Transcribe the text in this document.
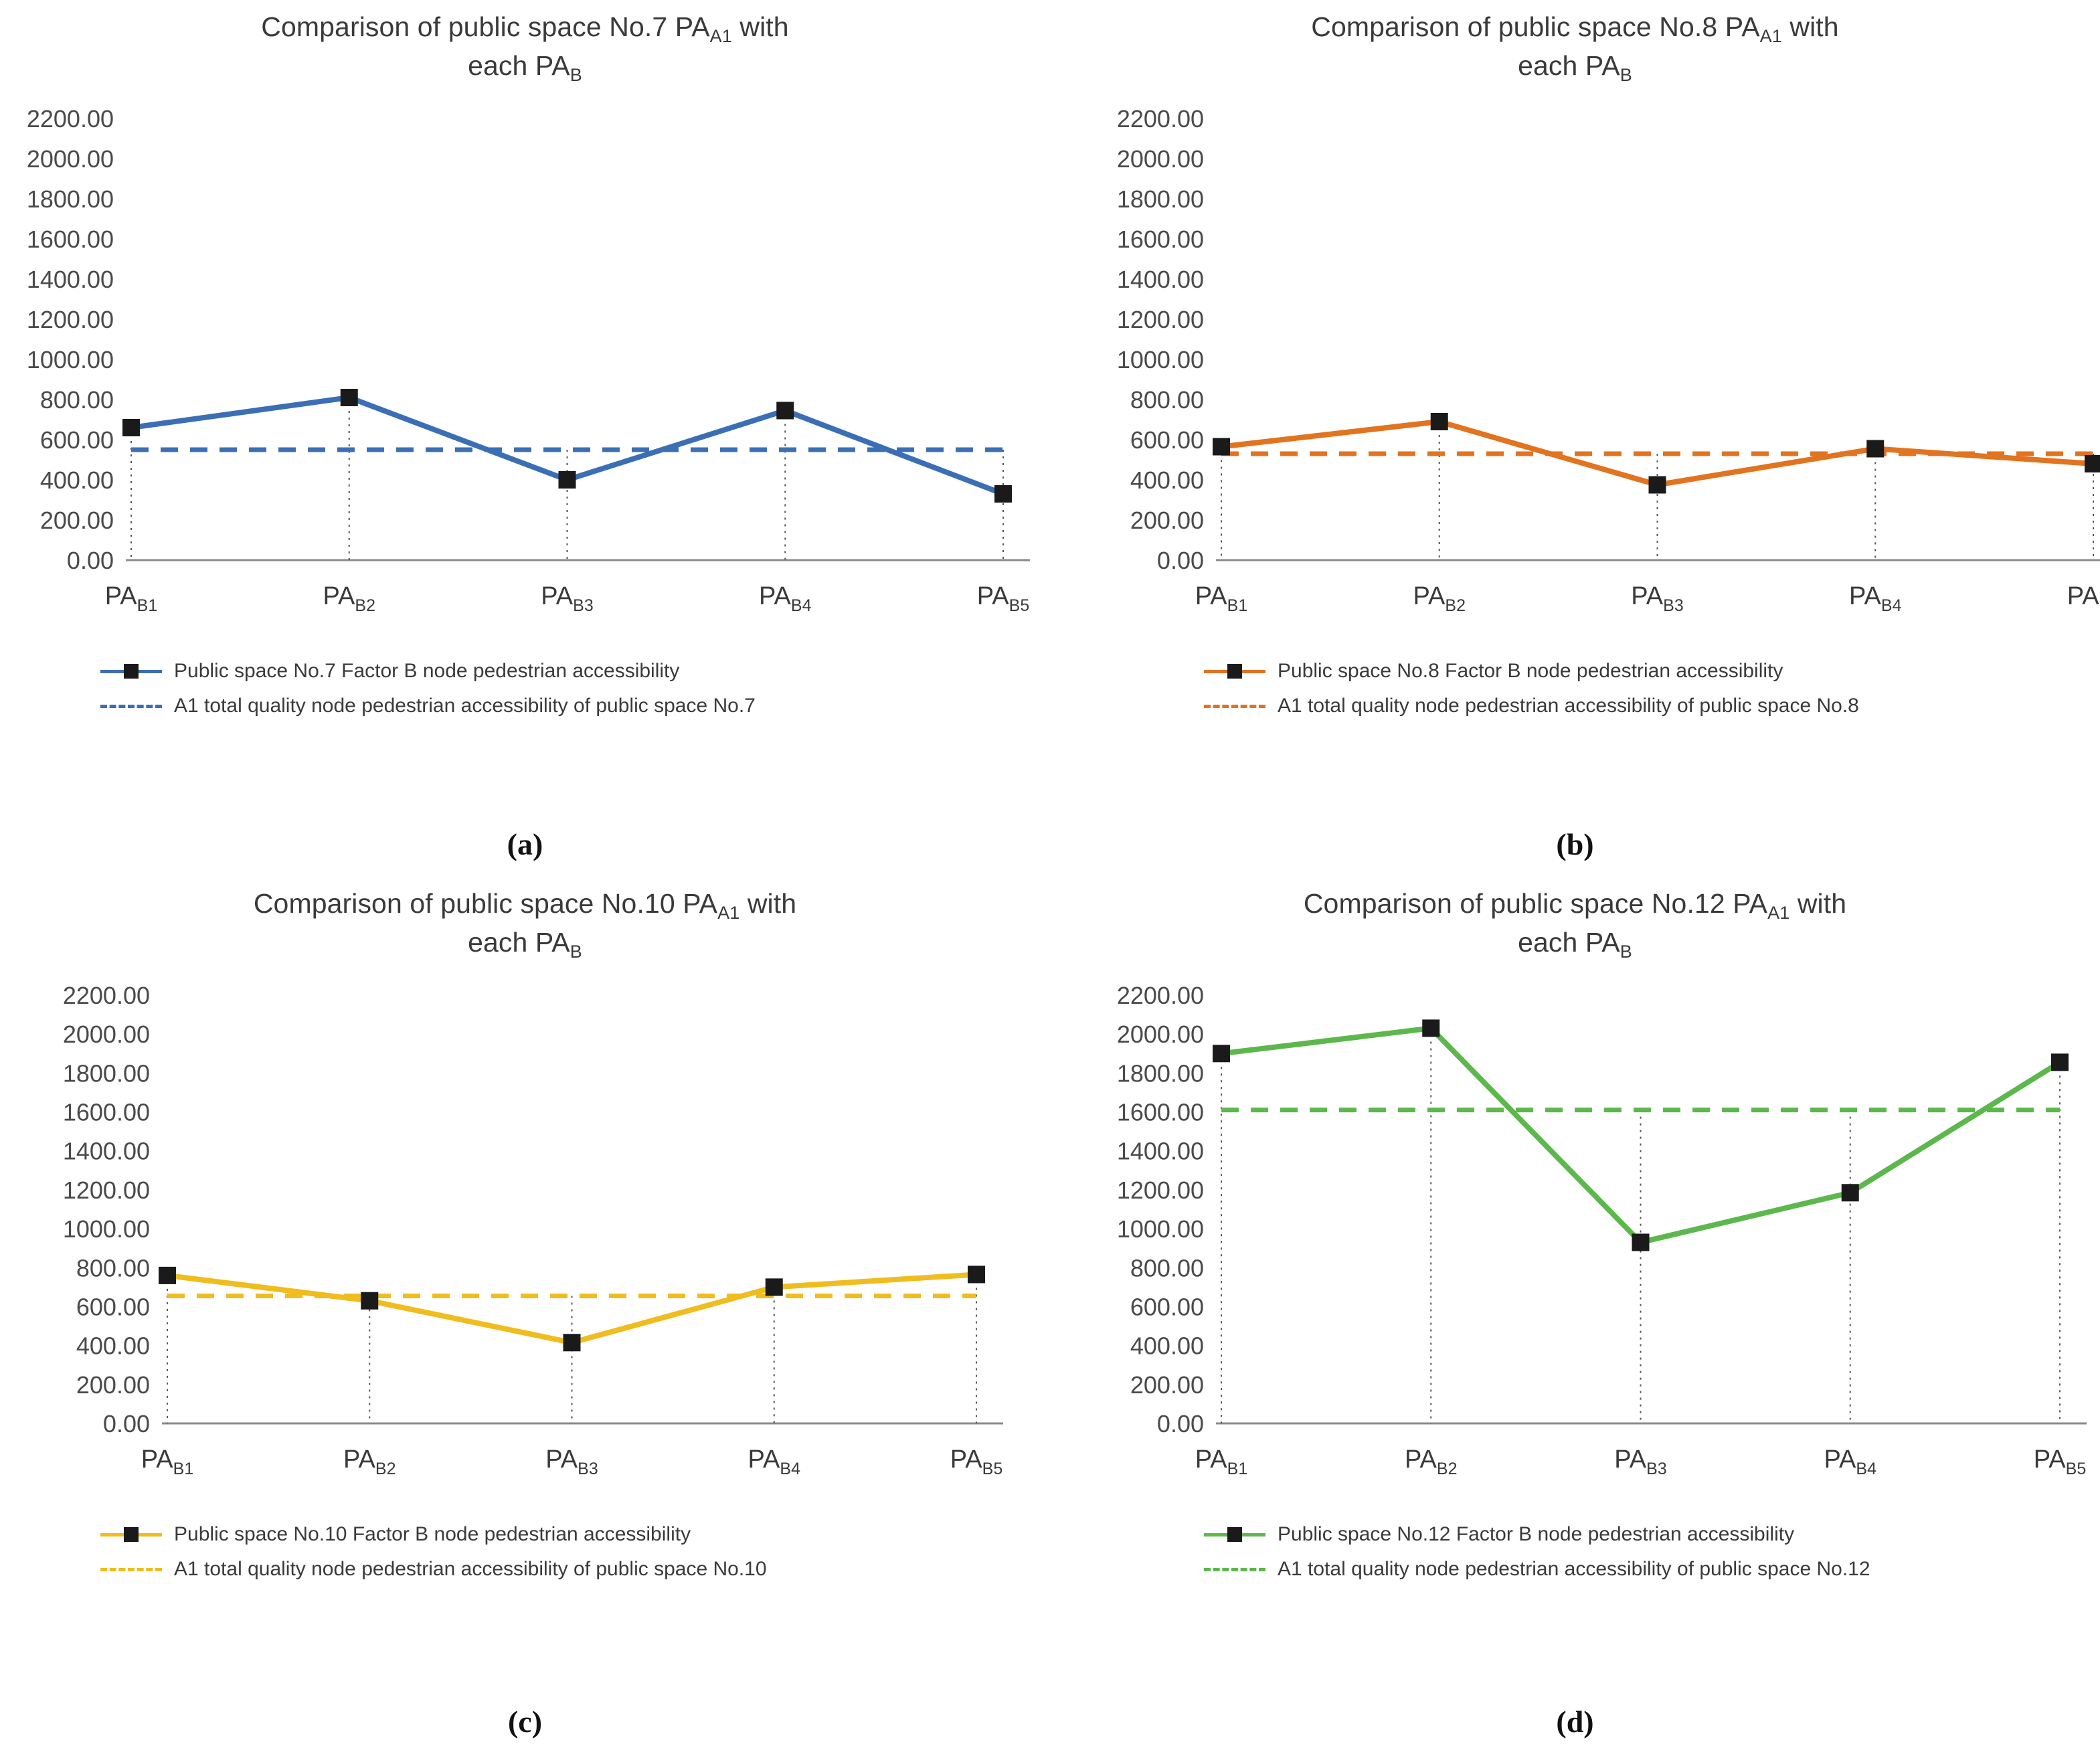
Comparison of public space No.7 $PA_{A1}$ with
each $PA_B$
0.00
200.00
400.00
600.00
800.00
1000.00
1200.00
1400.00
1600.00
1800.00
2000.00
2200.00
$PA_{B1}$	$PA_{B2}$	$PA_{B3}$	$PA_{B4}$	$PA_{B5}$
Public space No.7 Factor B node pedestrian accessibility
A1 total quality node pedestrian accessibility of public space No.7
(a)
Comparison of public space No.8 $PA_{A1}$ with
each $PA_B$
0.00
200.00
400.00
600.00
800.00
1000.00
1200.00
1400.00
1600.00
1800.00
2000.00
2200.00
$PA_{B1}$	$PA_{B2}$	$PA_{B3}$	$PA_{B4}$	PA
Public space No.8 Factor B node pedestrian accessibility
A1 total quality node pedestrian accessibility of public space No.8
(b)
Comparison of public space No.10 $PA_{A1}$ with
each $PA_B$
0.00
200.00
400.00
600.00
800.00
1000.00
1200.00
1400.00
1600.00
1800.00
2000.00
2200.00
$PA_{B1}$	$PA_{B2}$	$PA_{B3}$	$PA_{B4}$	$PA_{B5}$
Public space No.10 Factor B node pedestrian accessibility
A1 total quality node pedestrian accessibility of public space No.10
(c)
Comparison of public space No.12 $PA_{A1}$ with
each $PA_B$
0.00
200.00
400.00
600.00
800.00
1000.00
1200.00
1400.00
1600.00
1800.00
2000.00
2200.00
$PA_{B1}$	$PA_{B2}$	$PA_{B3}$	$PA_{B4}$	$PA_{B5}$
Public space No.12 Factor B node pedestrian accessibility
A1 total quality node pedestrian accessibility of public space No.12
(d)
